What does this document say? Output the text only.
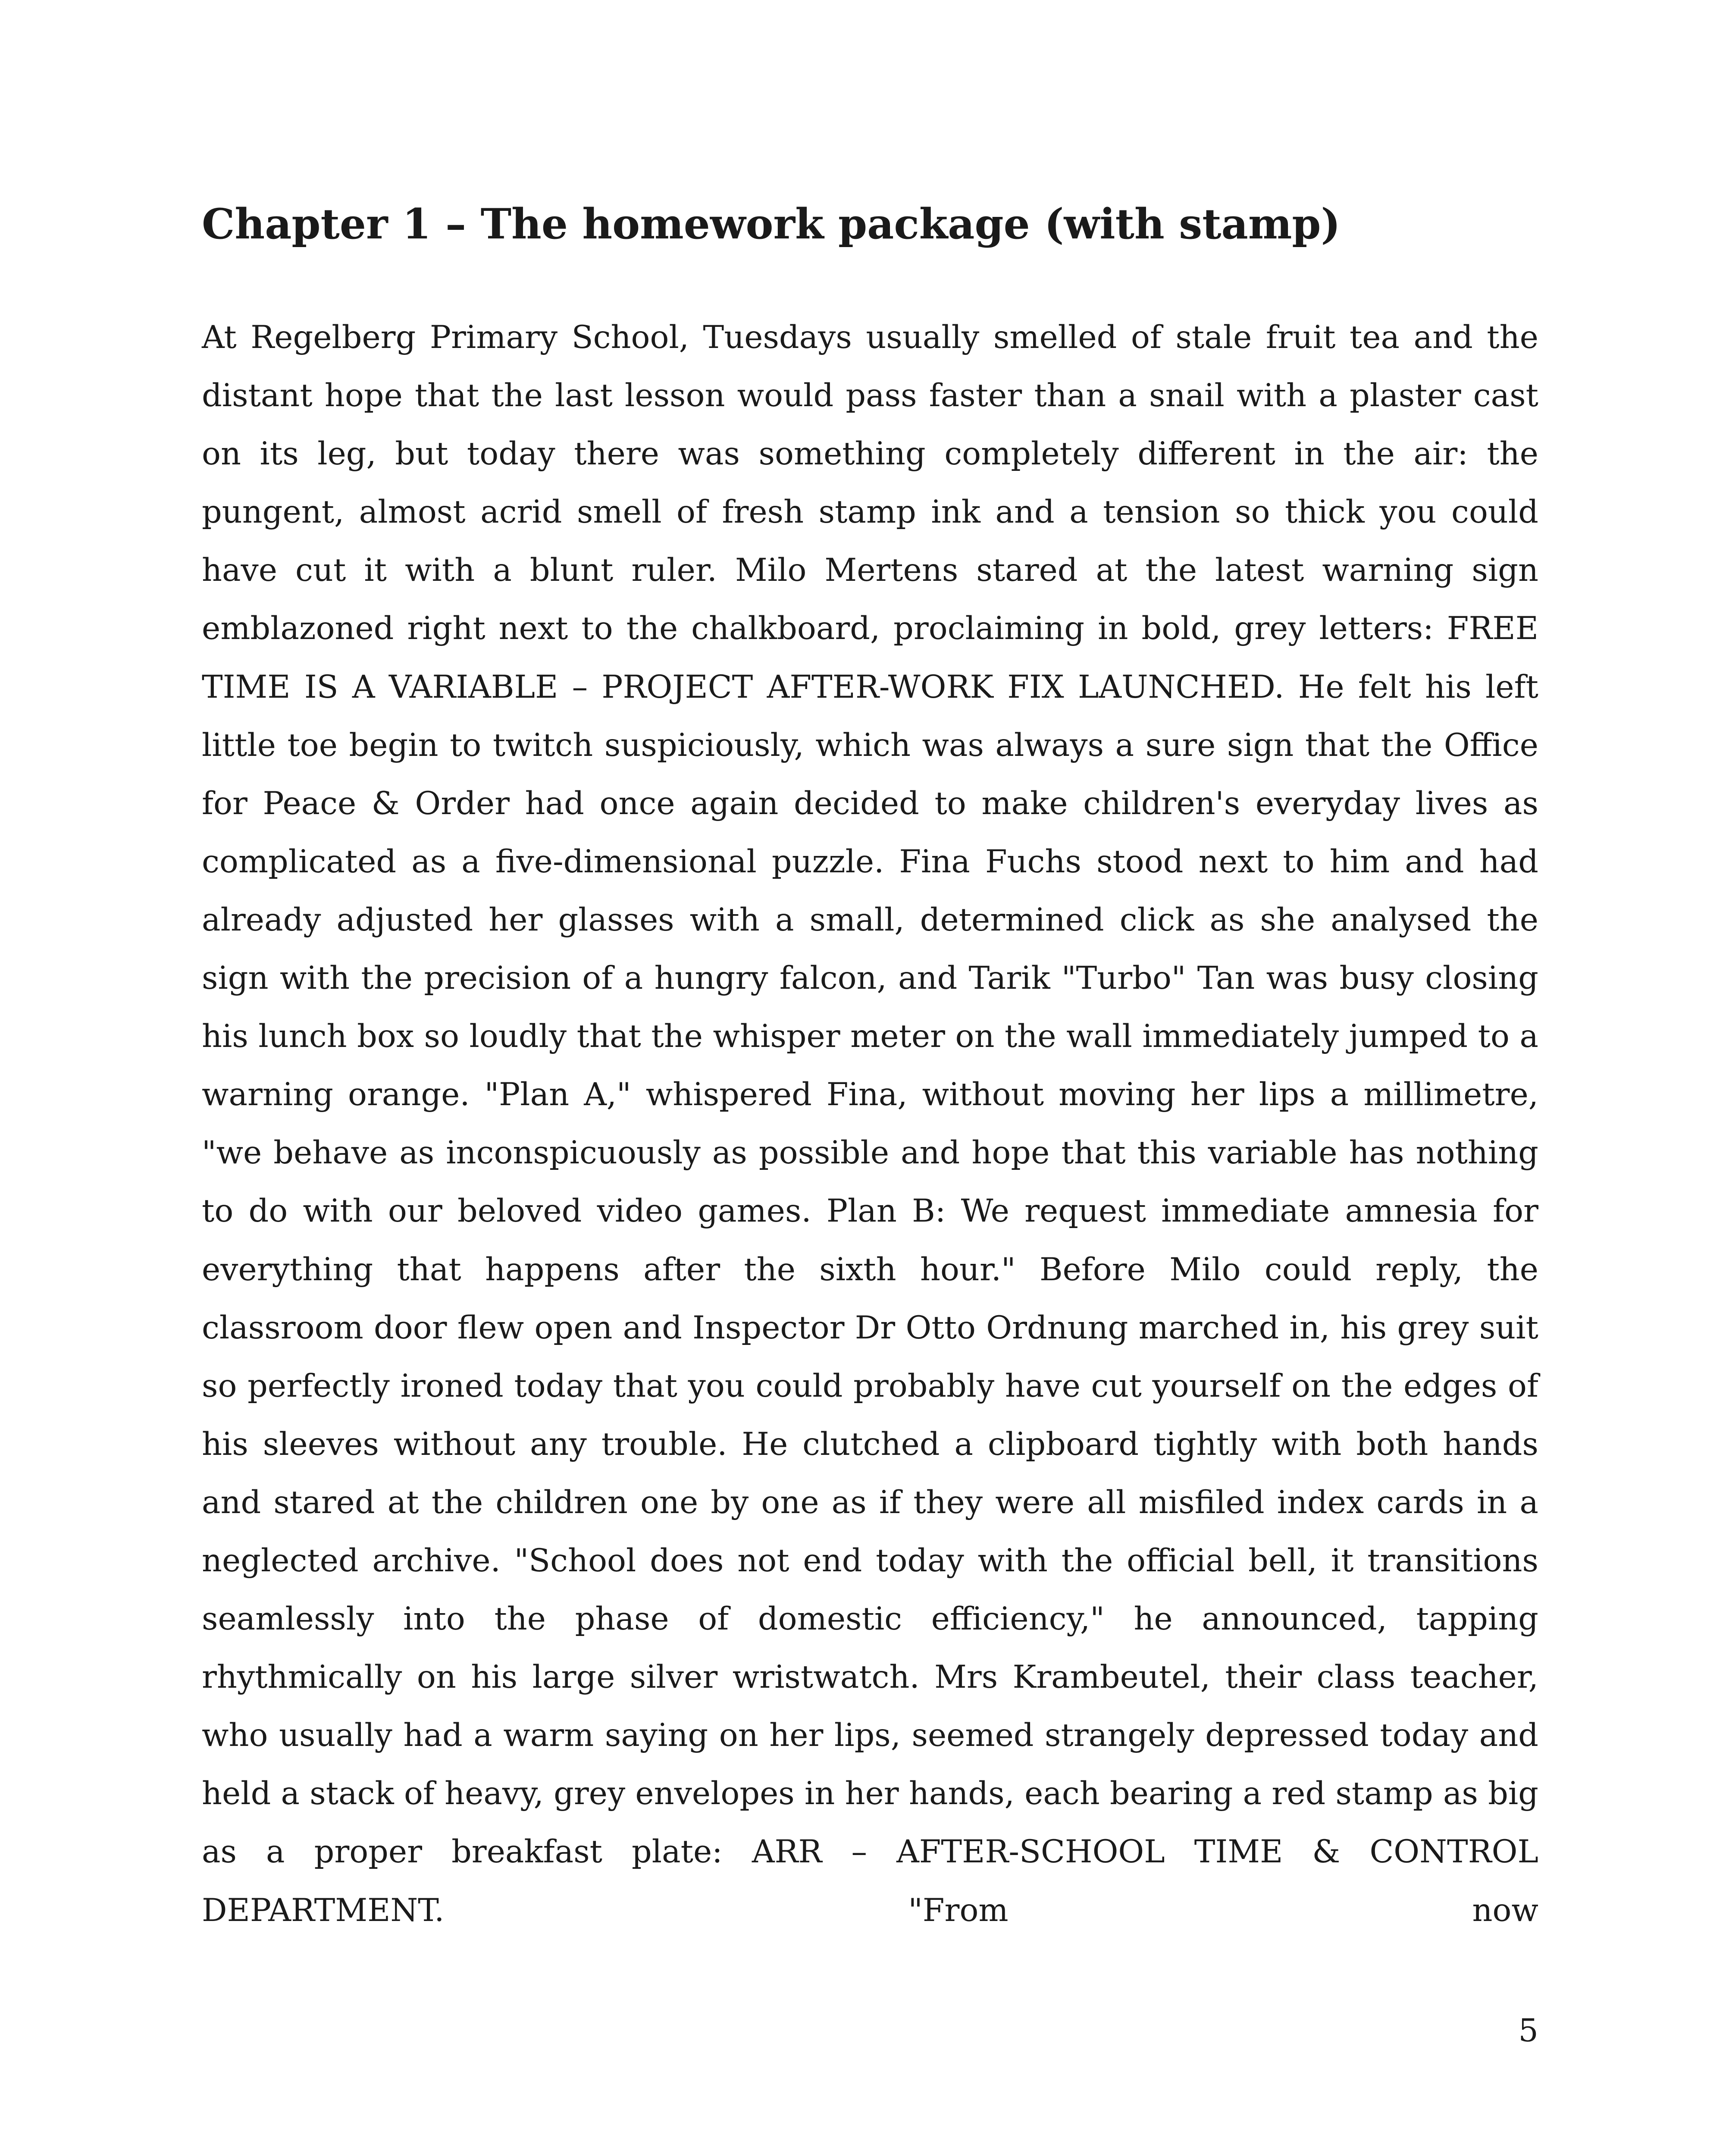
Chapter 1 – The homework package (with stamp)

At Regelberg Primary School, Tuesdays usually smelled of stale fruit tea and the distant hope that the last lesson would pass faster than a snail with a plaster cast on its leg, but today there was something completely different in the air: the pungent, almost acrid smell of fresh stamp ink and a tension so thick you could have cut it with a blunt ruler. Milo Mertens stared at the latest warning sign emblazoned right next to the chalkboard, proclaiming in bold, grey letters: FREE TIME IS A VARIABLE – PROJECT AFTER-WORK FIX LAUNCHED. He felt his left little toe begin to twitch suspiciously, which was always a sure sign that the Office for Peace & Order had once again decided to make children's everyday lives as complicated as a five-dimensional puzzle. Fina Fuchs stood next to him and had already adjusted her glasses with a small, determined click as she analysed the sign with the precision of a hungry falcon, and Tarik "Turbo" Tan was busy closing his lunch box so loudly that the whisper meter on the wall immediately jumped to a warning orange. "Plan A," whispered Fina, without moving her lips a millimetre, "we behave as inconspicuously as possible and hope that this variable has nothing to do with our beloved video games. Plan B: We request immediate amnesia for everything that happens after the sixth hour." Before Milo could reply, the classroom door flew open and Inspector Dr Otto Ordnung marched in, his grey suit so perfectly ironed today that you could probably have cut yourself on the edges of his sleeves without any trouble. He clutched a clipboard tightly with both hands and stared at the children one by one as if they were all misfiled index cards in a neglected archive. "School does not end today with the official bell, it transitions seamlessly into the phase of domestic efficiency," he announced, tapping rhythmically on his large silver wristwatch. Mrs Krambeutel, their class teacher, who usually had a warm saying on her lips, seemed strangely depressed today and held a stack of heavy, grey envelopes in her hands, each bearing a red stamp as big as a proper breakfast plate: ARR – AFTER-SCHOOL TIME & CONTROL DEPARTMENT. "From now

5
